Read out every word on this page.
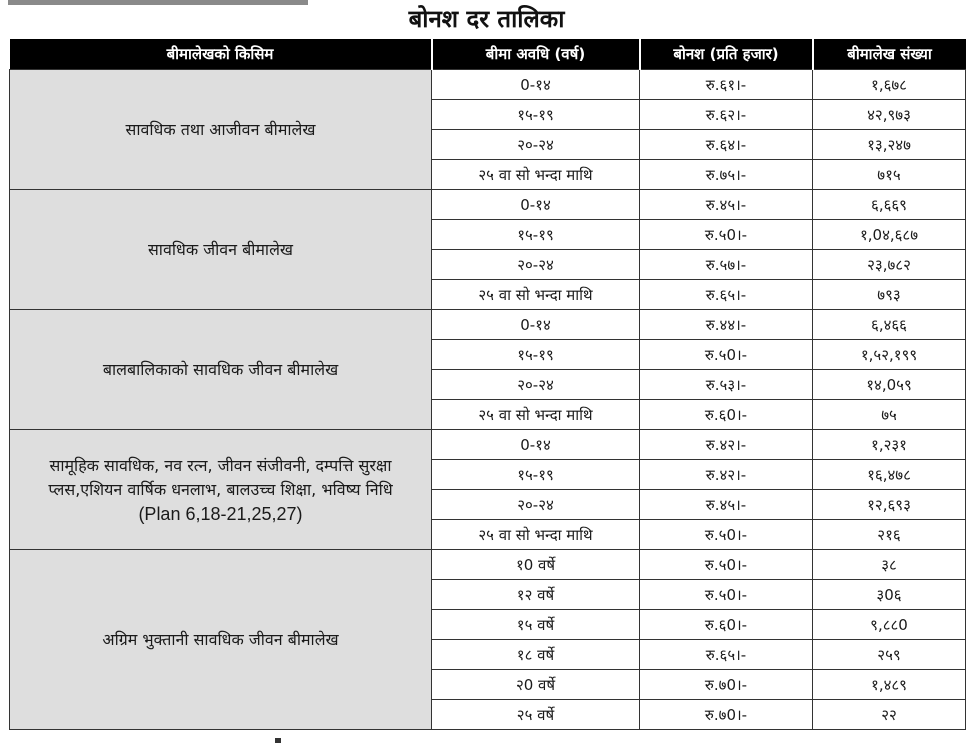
बोनश दर तालिका
बीमालेखको किसिम	बीमा अवधि (वर्ष)	बोनश (प्रति हजार)	बीमालेख संख्या
सावधिक तथा आजीवन बीमालेख	0-१४	रु.६१।-	१,६७८
	१५-१९	रु.६२।-	४२,९७३
	२०-२४	रु.६४।-	१३,२४७
	२५ वा सो भन्दा माथि	रु.७५।-	७१५
सावधिक जीवन बीमालेख	0-१४	रु.४५।-	६,६६९
	१५-१९	रु.५0।-	१,0४,६८७
	२०-२४	रु.५७।-	२३,७८२
	२५ वा सो भन्दा माथि	रु.६५।-	७९३
बालबालिकाको सावधिक जीवन बीमालेख	0-१४	रु.४४।-	६,४६६
	१५-१९	रु.५0।-	१,५२,१९९
	२०-२४	रु.५३।-	१४,0५९
	२५ वा सो भन्दा माथि	रु.६0।-	७५
सामूहिक सावधिक, नव रत्न, जीवन संजीवनी, दम्पत्ति सुरक्षा प्लस,एशियन वार्षिक धनलाभ, बालउच्च शिक्षा, भविष्य निधि
(Plan 6,18-21,25,27)	0-१४	रु.४२।-	१,२३१
	१५-१९	रु.४२।-	१६,४७८
	२०-२४	रु.४५।-	१२,६९३
	२५ वा सो भन्दा माथि	रु.५0।-	२१६
अग्रिम भुक्तानी सावधिक जीवन बीमालेख	१0 वर्षे	रु.५0।-	३८
	१२ वर्षे	रु.५0।-	३0६
	१५ वर्षे	रु.६0।-	९,८८0
	१८ वर्षे	रु.६५।-	२५९
	२0 वर्षे	रु.७0।-	१,४८९
	२५ वर्षे	रु.७0।-	२२
